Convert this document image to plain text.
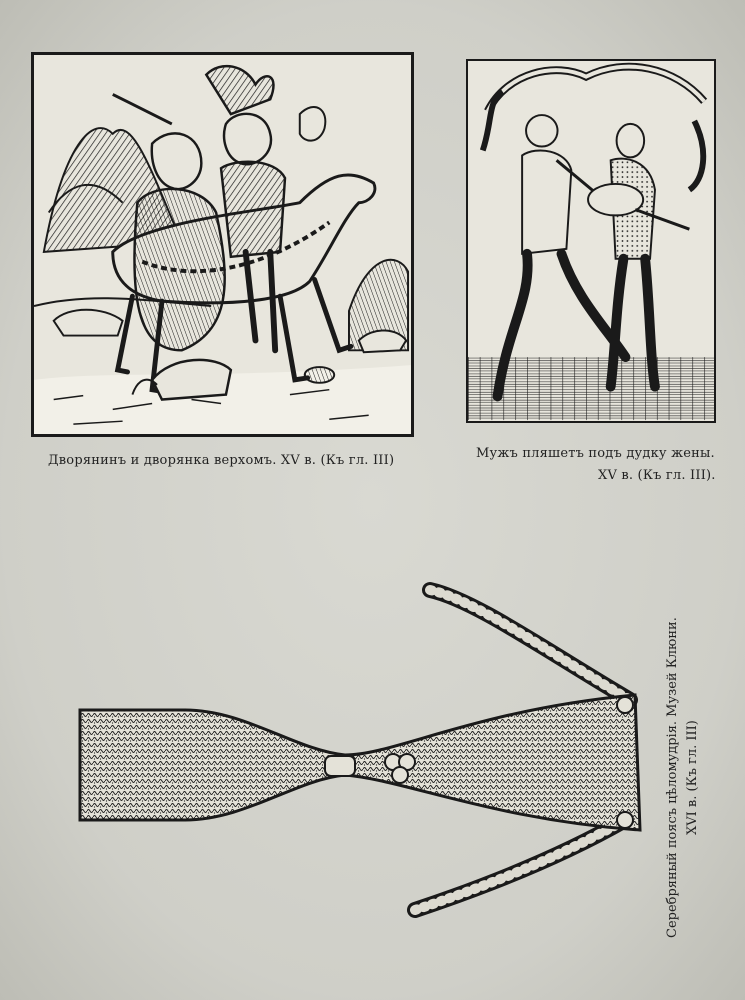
Дворянинъ и дворянка верхомъ. XV в. (Къ гл. III)	Мужъ пляшетъ подъ дудку жены.
XV в. (Къ гл. III).
Серебряный поясъ цѣломудрія. Музей Клюни. XVI в. (Къ гл. III)
